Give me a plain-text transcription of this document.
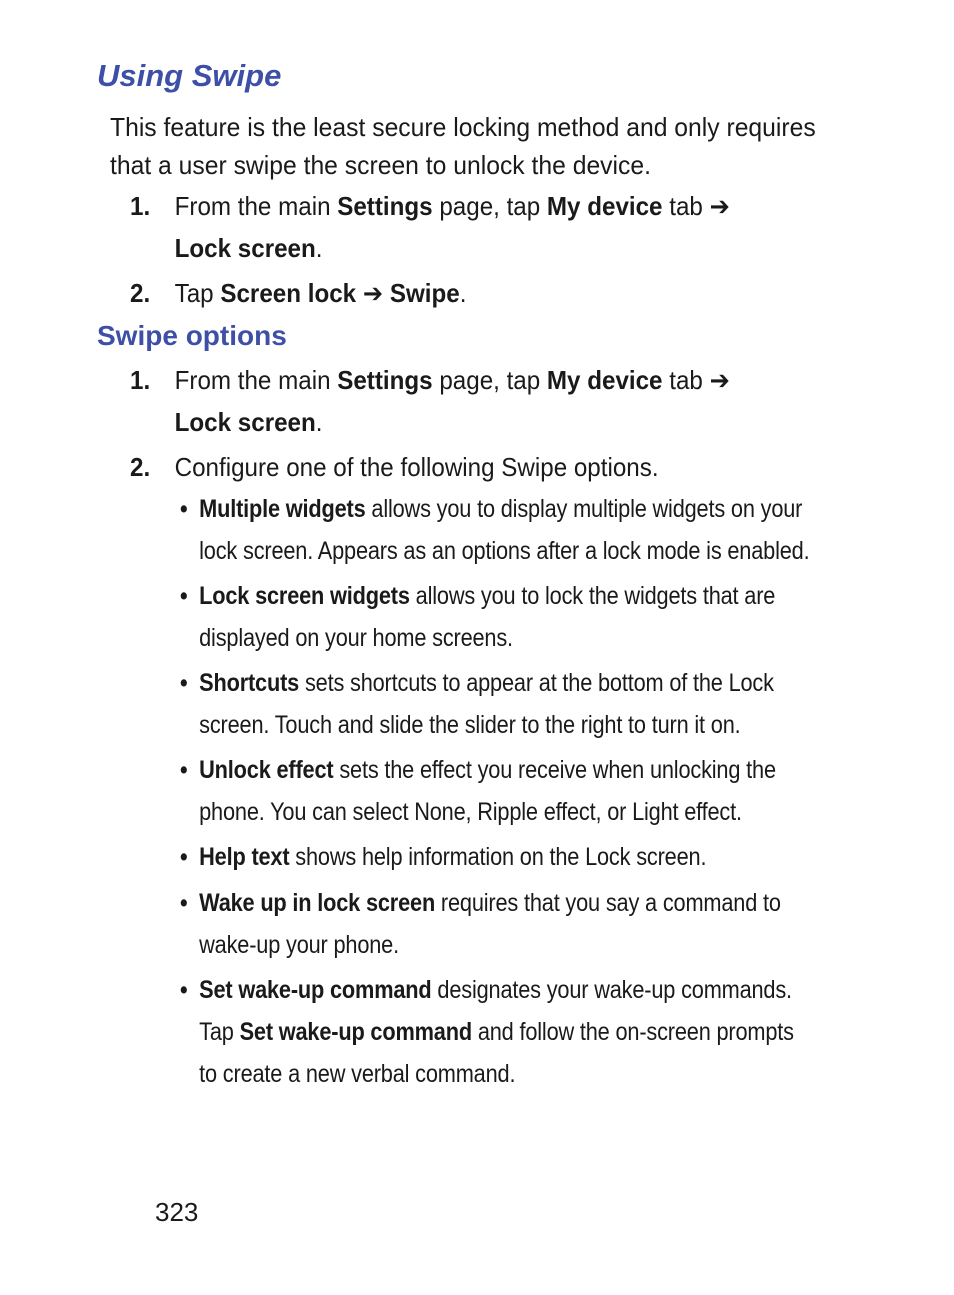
Using Swipe

This feature is the least secure locking method and only requires that a user swipe the screen to unlock the device.

1. From the main Settings page, tap My device tab ➔ Lock screen.
2. Tap Screen lock ➔ Swipe.
Swipe options
1. From the main Settings page, tap My device tab ➔ Lock screen.
2. Configure one of the following Swipe options.
• Multiple widgets allows you to display multiple widgets on your lock screen. Appears as an options after a lock mode is enabled.
• Lock screen widgets allows you to lock the widgets that are displayed on your home screens.
• Shortcuts sets shortcuts to appear at the bottom of the Lock screen. Touch and slide the slider to the right to turn it on.
• Unlock effect sets the effect you receive when unlocking the phone. You can select None, Ripple effect, or Light effect.
• Help text shows help information on the Lock screen.
• Wake up in lock screen requires that you say a command to wake-up your phone.
• Set wake-up command designates your wake-up commands. Tap Set wake-up command and follow the on-screen prompts to create a new verbal command.
323
